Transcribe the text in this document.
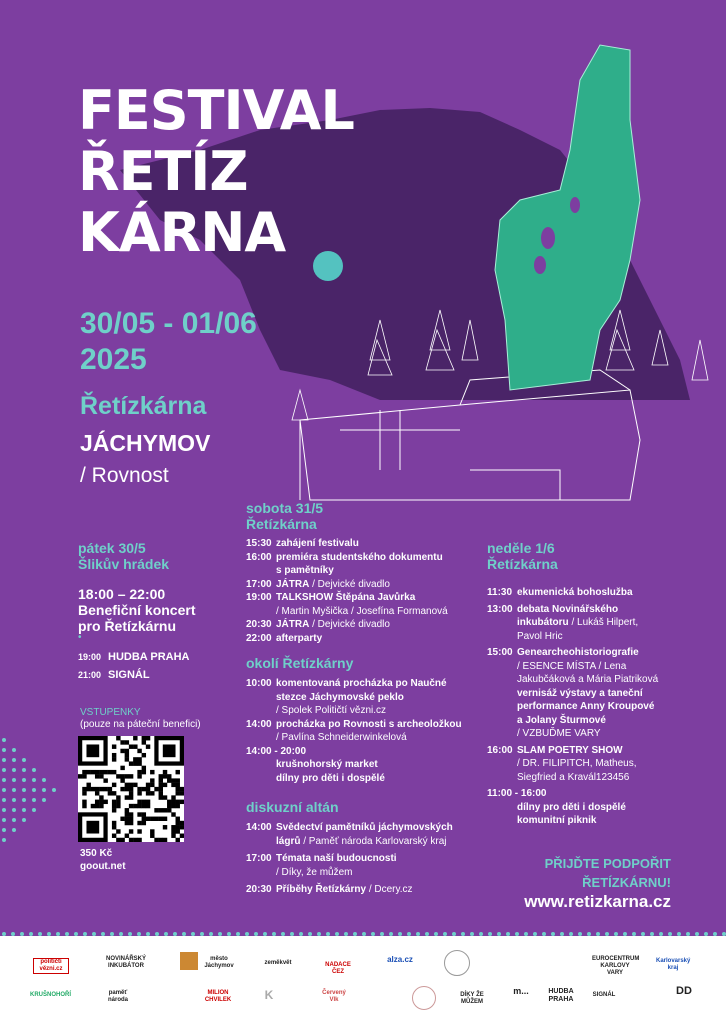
FESTIVAL
ŘETÍZ
KÁRNA
30/05 - 01/06
2025
Řetízkárna
JÁCHYMOV
/ Rovnost
pátek 30/5
Šlikův hrádek
18:00 – 22:00
Benefiční koncert
pro Řetízkárnu
•
19:00 HUDBA PRAHA
21:00 SIGNÁL
VSTUPENKY
(pouze na páteční benefici)
350 Kč
goout.net
sobota 31/5
Řetízkárna
15:30 zahájení festivalu
16:00 premiéra studentského dokumentu
s pamětníky
17:00 JÁTRA / Dejvické divadlo
19:00 TALKSHOW Štěpána Javůrka
/ Martin Myšička / Josefína Formanová
20:30 JÁTRA / Dejvické divadlo
22:00 afterparty
okolí Řetízkárny
10:00 komentovaná procházka po Naučné
stezce Jáchymovské peklo
/ Spolek Političtí vězni.cz
14:00 procházka po Rovnosti s archeoložkou
/ Pavlína Schneiderwinkelová
14:00 - 20:00
krušnohorský market
dílny pro děti i dospělé
diskuzní altán
14:00 Svědectví pamětníků jáchymovských
lágrů / Paměť národa Karlovarský kraj
17:00 Témata naší budoucnosti
/ Díky, že můžem
20:30 Příběhy Řetízkárny / Dcery.cz
neděle 1/6
Řetízkárna
11:30 ekumenická bohoslužba
13:00 debata Novinářského
inkubátoru / Lukáš Hilpert,
Pavol Hric
15:00 Genearcheohistoriografie
/ ESENCE MÍSTA / Lena
Jakubčáková a Mária Piatriková
vernisáž výstavy a taneční
performance Anny Kroupové
a Jolany Šturmové
/ VZBUĎME VARY
16:00 SLAM POETRY SHOW
/ DR. FILIPITCH, Matheus,
Siegfried a Kravál123456
11:00 - 16:00
dílny pro děti i dospělé
komunitní piknik
PŘIJĎTE PODPOŘIT
ŘETÍZKÁRNU!
www.retizkarna.cz
političtí vězni.cz
NOVINÁŘSKÝ INKUBÁTOR
město Jáchymov	zeměkvět	NADACE ČEZ
alza.cz	EUROCENTRUM KARLOVY VARY
Karlovarský kraj
KRUŠNOHOŘÍ	paměť národa
MILION CHVILEK	K	Červený Vlk
DÍKY ŽE MŮŽEM
m...	HUDBA PRAHA
SIGNÁL	DD
